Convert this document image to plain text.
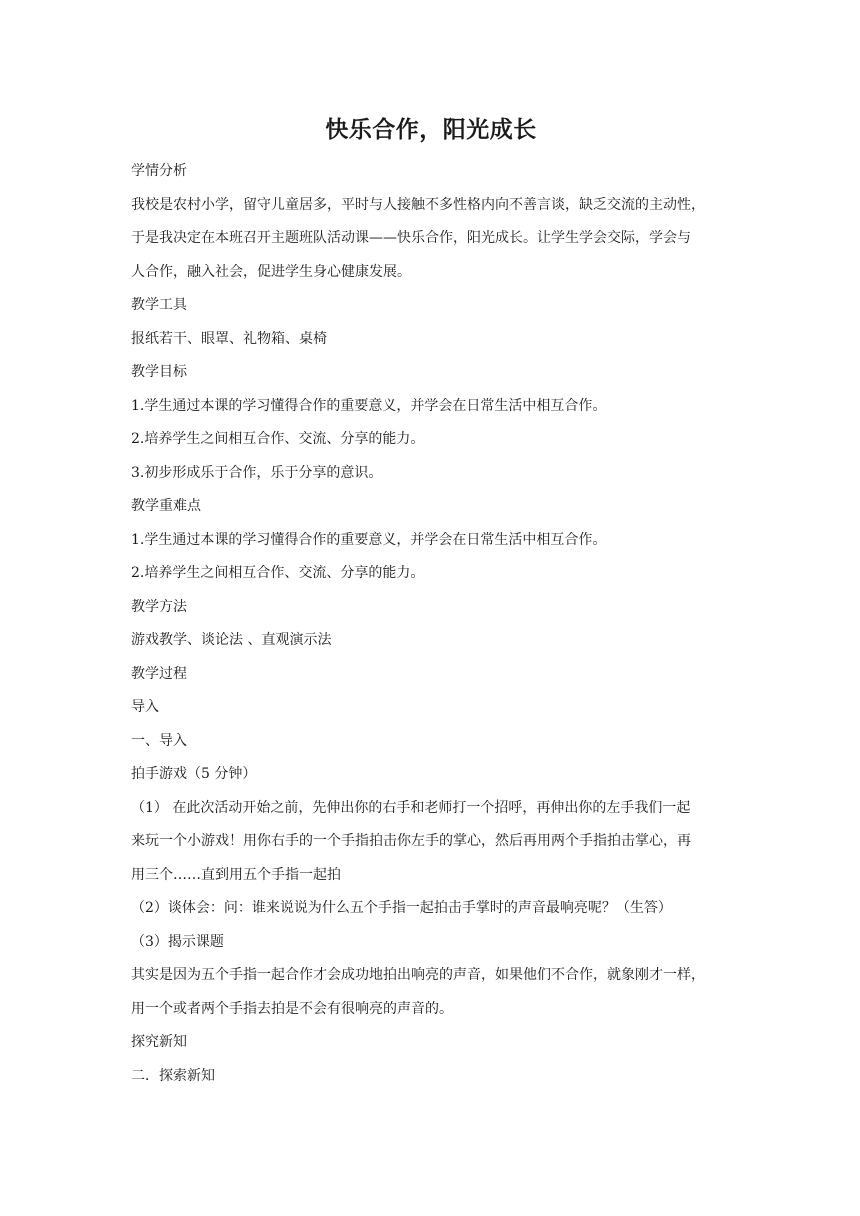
快乐合作，阳光成长

学情分析

我校是农村小学，留守儿童居多，平时与人接触不多性格内向不善言谈，缺乏交流的主动性，

于是我决定在本班召开主题班队活动课——快乐合作，阳光成长。让学生学会交际，学会与

人合作，融入社会，促进学生身心健康发展。

教学工具

报纸若干、眼罩、礼物箱、桌椅

教学目标

1.学生通过本课的学习懂得合作的重要意义，并学会在日常生活中相互合作。

2.培养学生之间相互合作、交流、分享的能力。

3.初步形成乐于合作，乐于分享的意识。

教学重难点

1.学生通过本课的学习懂得合作的重要意义，并学会在日常生活中相互合作。

2.培养学生之间相互合作、交流、分享的能力。

教学方法

游戏教学、谈论法 、直观演示法

教学过程

导入

一、导入

拍手游戏（5 分钟）

（1） 在此次活动开始之前，先伸出你的右手和老师打一个招呼，再伸出你的左手我们一起

来玩一个小游戏！用你右手的一个手指拍击你左手的掌心，然后再用两个手指拍击掌心，再

用三个……直到用五个手指一起拍

（2）谈体会：问：谁来说说为什么五个手指一起拍击手掌时的声音最响亮呢？（生答）

（3）揭示课题

其实是因为五个手指一起合作才会成功地拍出响亮的声音，如果他们不合作，就象刚才一样，

用一个或者两个手指去拍是不会有很响亮的声音的。

探究新知

二．探索新知
